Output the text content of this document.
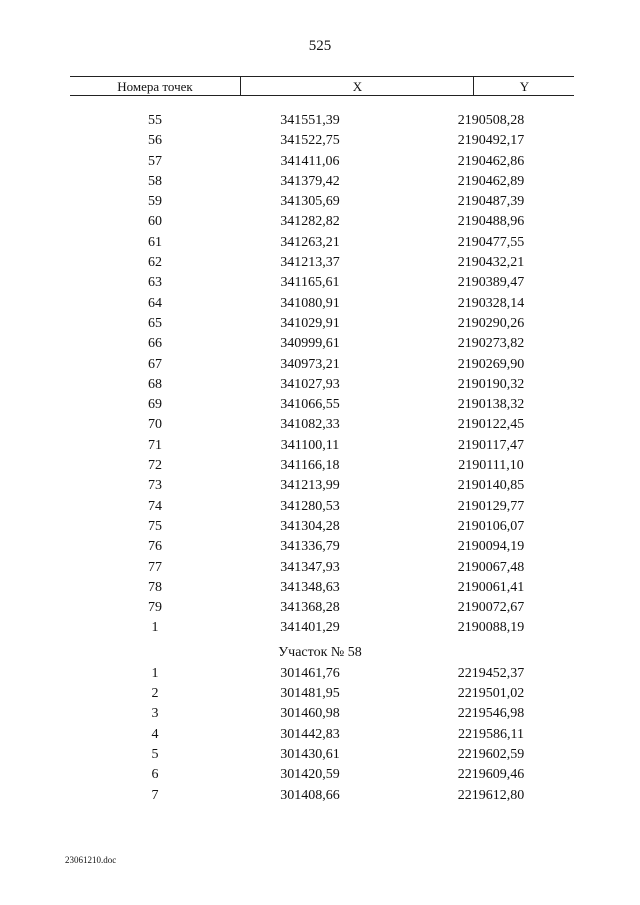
525
Номера точек	X	Y
55	341551,39	2190508,28
56	341522,75	2190492,17
57	341411,06	2190462,86
58	341379,42	2190462,89
59	341305,69	2190487,39
60	341282,82	2190488,96
61	341263,21	2190477,55
62	341213,37	2190432,21
63	341165,61	2190389,47
64	341080,91	2190328,14
65	341029,91	2190290,26
66	340999,61	2190273,82
67	340973,21	2190269,90
68	341027,93	2190190,32
69	341066,55	2190138,32
70	341082,33	2190122,45
71	341100,11	2190117,47
72	341166,18	2190111,10
73	341213,99	2190140,85
74	341280,53	2190129,77
75	341304,28	2190106,07
76	341336,79	2190094,19
77	341347,93	2190067,48
78	341348,63	2190061,41
79	341368,28	2190072,67
1	341401,29	2190088,19
Участок № 58
1	301461,76	2219452,37
2	301481,95	2219501,02
3	301460,98	2219546,98
4	301442,83	2219586,11
5	301430,61	2219602,59
6	301420,59	2219609,46
7	301408,66	2219612,80
23061210.doc
